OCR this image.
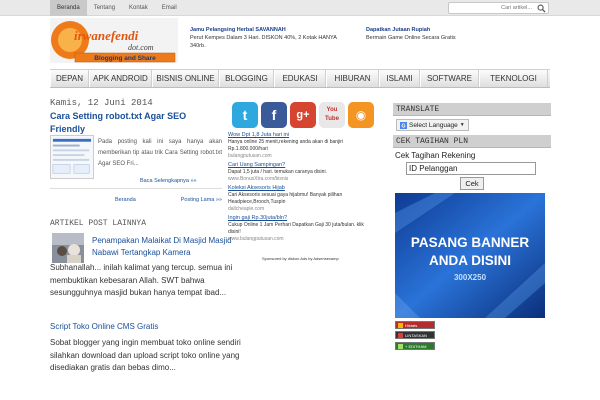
Beranda	Tentang	Kontak	Email
Cari artikel...
irwanefendi
dot.com
Blogging and Share
Jamu Pelangsing Herbal SAVANNAH
Perut Kempes Dalam 3 Hari. DISKON 40%, 2 Kotak HANYA 340rb.
Dapatkan Jutaan Rupiah
Bermain Game Online Secara Gratis
DEPAN	APK ANDROID	BISNIS ONLINE	BLOGGING	EDUKASI	HIBURAN	ISLAMI	SOFTWARE	TEKNOLOGI
Kamis, 12 Juni 2014
Cara Setting robot.txt Agar SEO Friendly
Pada posting kali ini saya hanya akan memberikan tip atau trik Cara Setting robot.txt Agar SEO Fri...
Baca Selengkapnya »»
Beranda	Posting Lama »»
ARTIKEL POST LAINNYA
Penampakan Malaikat Di Masjid Masjid Nabawi Tertangkap Kamera
Subhanallah... inilah kalimat yang tercup. semua ini membuktikan kebesaran Allah. SWT bahwa sesungguhnya masjid bukan hanya tempat ibad...
Script Toko Online CMS Gratis
Sobat blogger yang ingin membuat toko online sendiri silahkan download dan upload script toko online yang disediakan gratis dan bebas dimo...
t	f	g+	You Tube	◉
Wow Dpt 1,8 Juta hari ini
Hanya online 25 menit,rekening anda akan di banjiri Rp.1.800.000/hari
bulangputusan.com
Cari Uang Sampingan?
Dapat 1,5 juta / hari. temukan caranya disini.
www.BonusXtra.com/bisnis
Koleksi Aksesoris Hijab
Cari Aksesoris sesuai gaya hijabmu! Banyak pilihan Headpiece,Brooch,Tuspin
dallcheapie.com
Ingin gaji Rp.30juta/bln?
Cukup Online 1 Jam Perhari Dapatkan Gaji 30 juta/bulan. klik disini!
www.bulangputusan.com
Sponsored by diskon Ads by Adsensecamp
TRANSLATE
G Select Language ▼
CEK TAGIHAN PLN
Cek Tagihan Rekening
ID Pelanggan
Cek
PASANG BANNER
ANDA DISINI
300X250
Histats
LINTASKAN
+ EDITHAM
